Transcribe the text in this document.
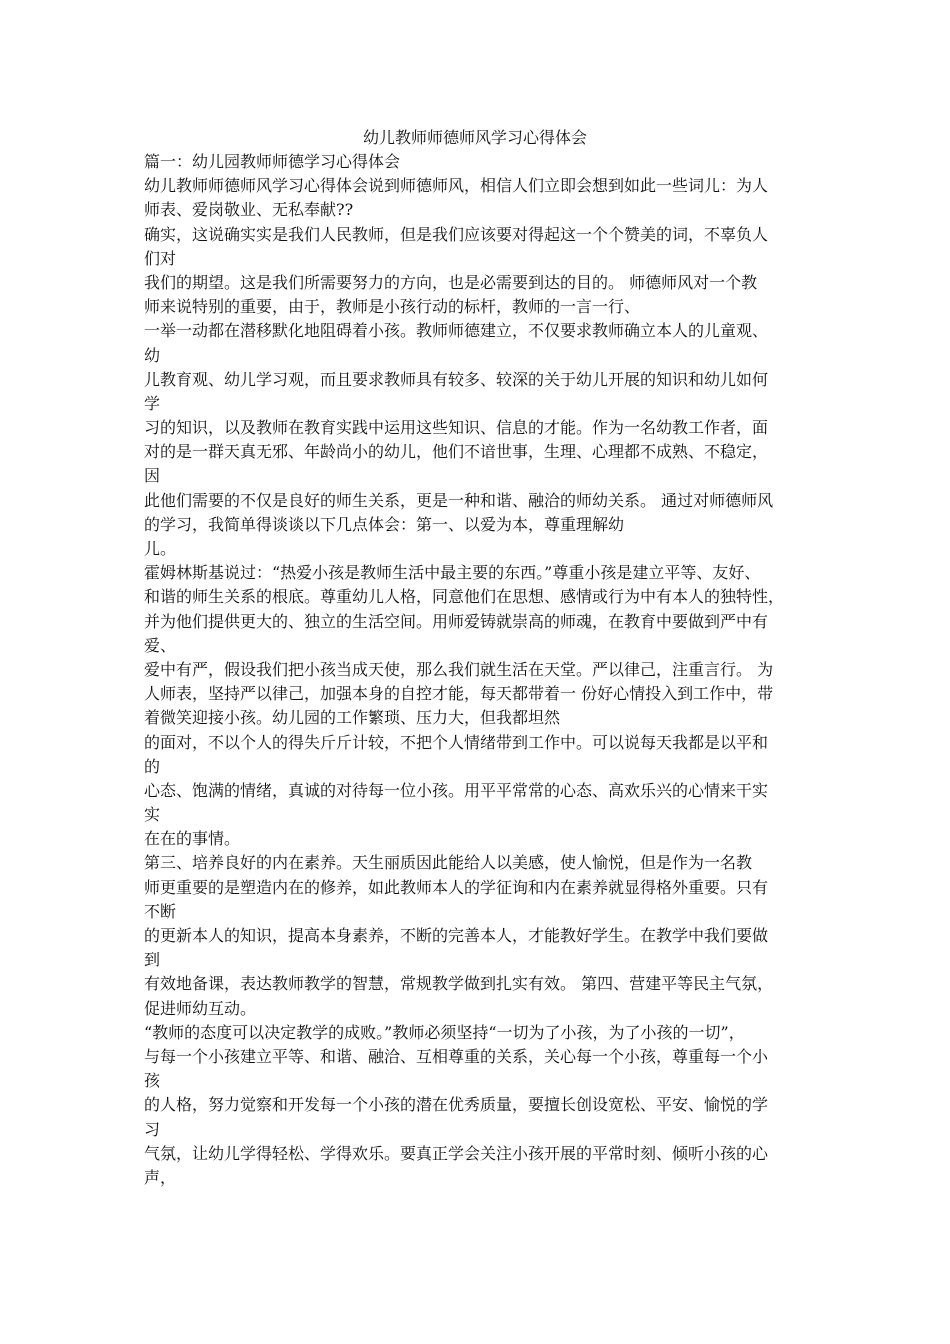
幼儿教师师德师风学习心得体会
篇一：幼儿园教师师德学习心得体会
幼儿教师师德师风学习心得体会说到师德师风，相信人们立即会想到如此一些词儿：为人
师表、爱岗敬业、无私奉献??
确实，这说确实实是我们人民教师，但是我们应该要对得起这一个个赞美的词，不辜负人
们对
我们的期望。这是我们所需要努力的方向，也是必需要到达的目的。 师德师风对一个教
师来说特别的重要，由于，教师是小孩行动的标杆，教师的一言一行、
一举一动都在潜移默化地阻碍着小孩。教师师德建立，不仅要求教师确立本人的儿童观、
幼
儿教育观、幼儿学习观，而且要求教师具有较多、较深的关于幼儿开展的知识和幼儿如何
学
习的知识，以及教师在教育实践中运用这些知识、信息的才能。作为一名幼教工作者，面
对的是一群天真无邪、年龄尚小的幼儿，他们不谙世事，生理、心理都不成熟、不稳定，
因
此他们需要的不仅是良好的师生关系，更是一种和谐、融洽的师幼关系。 通过对师德师风
的学习，我简单得谈谈以下几点体会：第一、以爱为本，尊重理解幼
儿。
霍姆林斯基说过：“热爱小孩是教师生活中最主要的东西。”尊重小孩是建立平等、友好、
和谐的师生关系的根底。尊重幼儿人格，同意他们在思想、感情或行为中有本人的独特性，
并为他们提供更大的、独立的生活空间。用师爱铸就崇高的师魂，在教育中要做到严中有
爱、
爱中有严，假设我们把小孩当成天使，那么我们就生活在天堂。严以律己，注重言行。 为
人师表，坚持严以律己，加强本身的自控才能，每天都带着一 份好心情投入到工作中，带
着微笑迎接小孩。幼儿园的工作繁琐、压力大，但我都坦然
的面对，不以个人的得失斤斤计较，不把个人情绪带到工作中。可以说每天我都是以平和
的
心态、饱满的情绪，真诚的对待每一位小孩。用平平常常的心态、高欢乐兴的心情来干实
实
在在的事情。
第三、培养良好的内在素养。天生丽质因此能给人以美感，使人愉悦，但是作为一名教
师更重要的是塑造内在的修养，如此教师本人的学征询和内在素养就显得格外重要。只有
不断
的更新本人的知识，提高本身素养，不断的完善本人，才能教好学生。在教学中我们要做
到
有效地备课，表达教师教学的智慧，常规教学做到扎实有效。 第四、营建平等民主气氛，
促进师幼互动。
“教师的态度可以决定教学的成败。”教师必须坚持“一切为了小孩，为了小孩的一切”，
与每一个小孩建立平等、和谐、融洽、互相尊重的关系，关心每一个小孩，尊重每一个小
孩
的人格，努力觉察和开发每一个小孩的潜在优秀质量，要擅长创设宽松、平安、愉悦的学
习
气氛，让幼儿学得轻松、学得欢乐。要真正学会关注小孩开展的平常时刻、倾听小孩的心
声，
